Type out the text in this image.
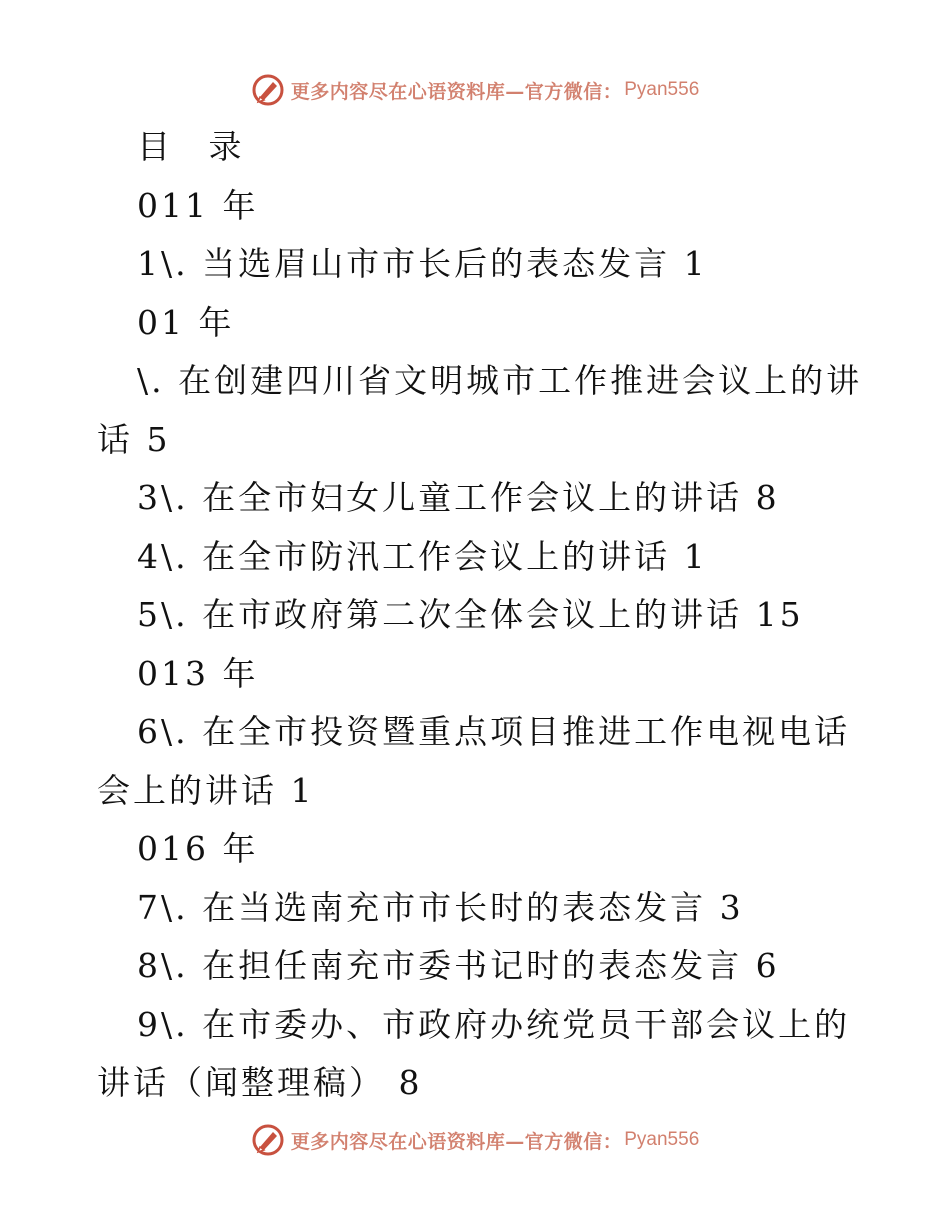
更多内容尽在心语资料库—官方微信： Pyan556

目 录

011 年

1\. 当选眉山市市长后的表态发言 1

01 年

\. 在创建四川省文明城市工作推进会议上的讲话 5

3\. 在全市妇女儿童工作会议上的讲话 8

4\. 在全市防汛工作会议上的讲话 1

5\. 在市政府第二次全体会议上的讲话 15

013 年

6\. 在全市投资暨重点项目推进工作电视电话会上的讲话 1

016 年

7\. 在当选南充市市长时的表态发言 3

8\. 在担任南充市委书记时的表态发言 6

9\. 在市委办、市政府办统党员干部会议上的讲话（闻整理稿） 8

更多内容尽在心语资料库—官方微信： Pyan556
